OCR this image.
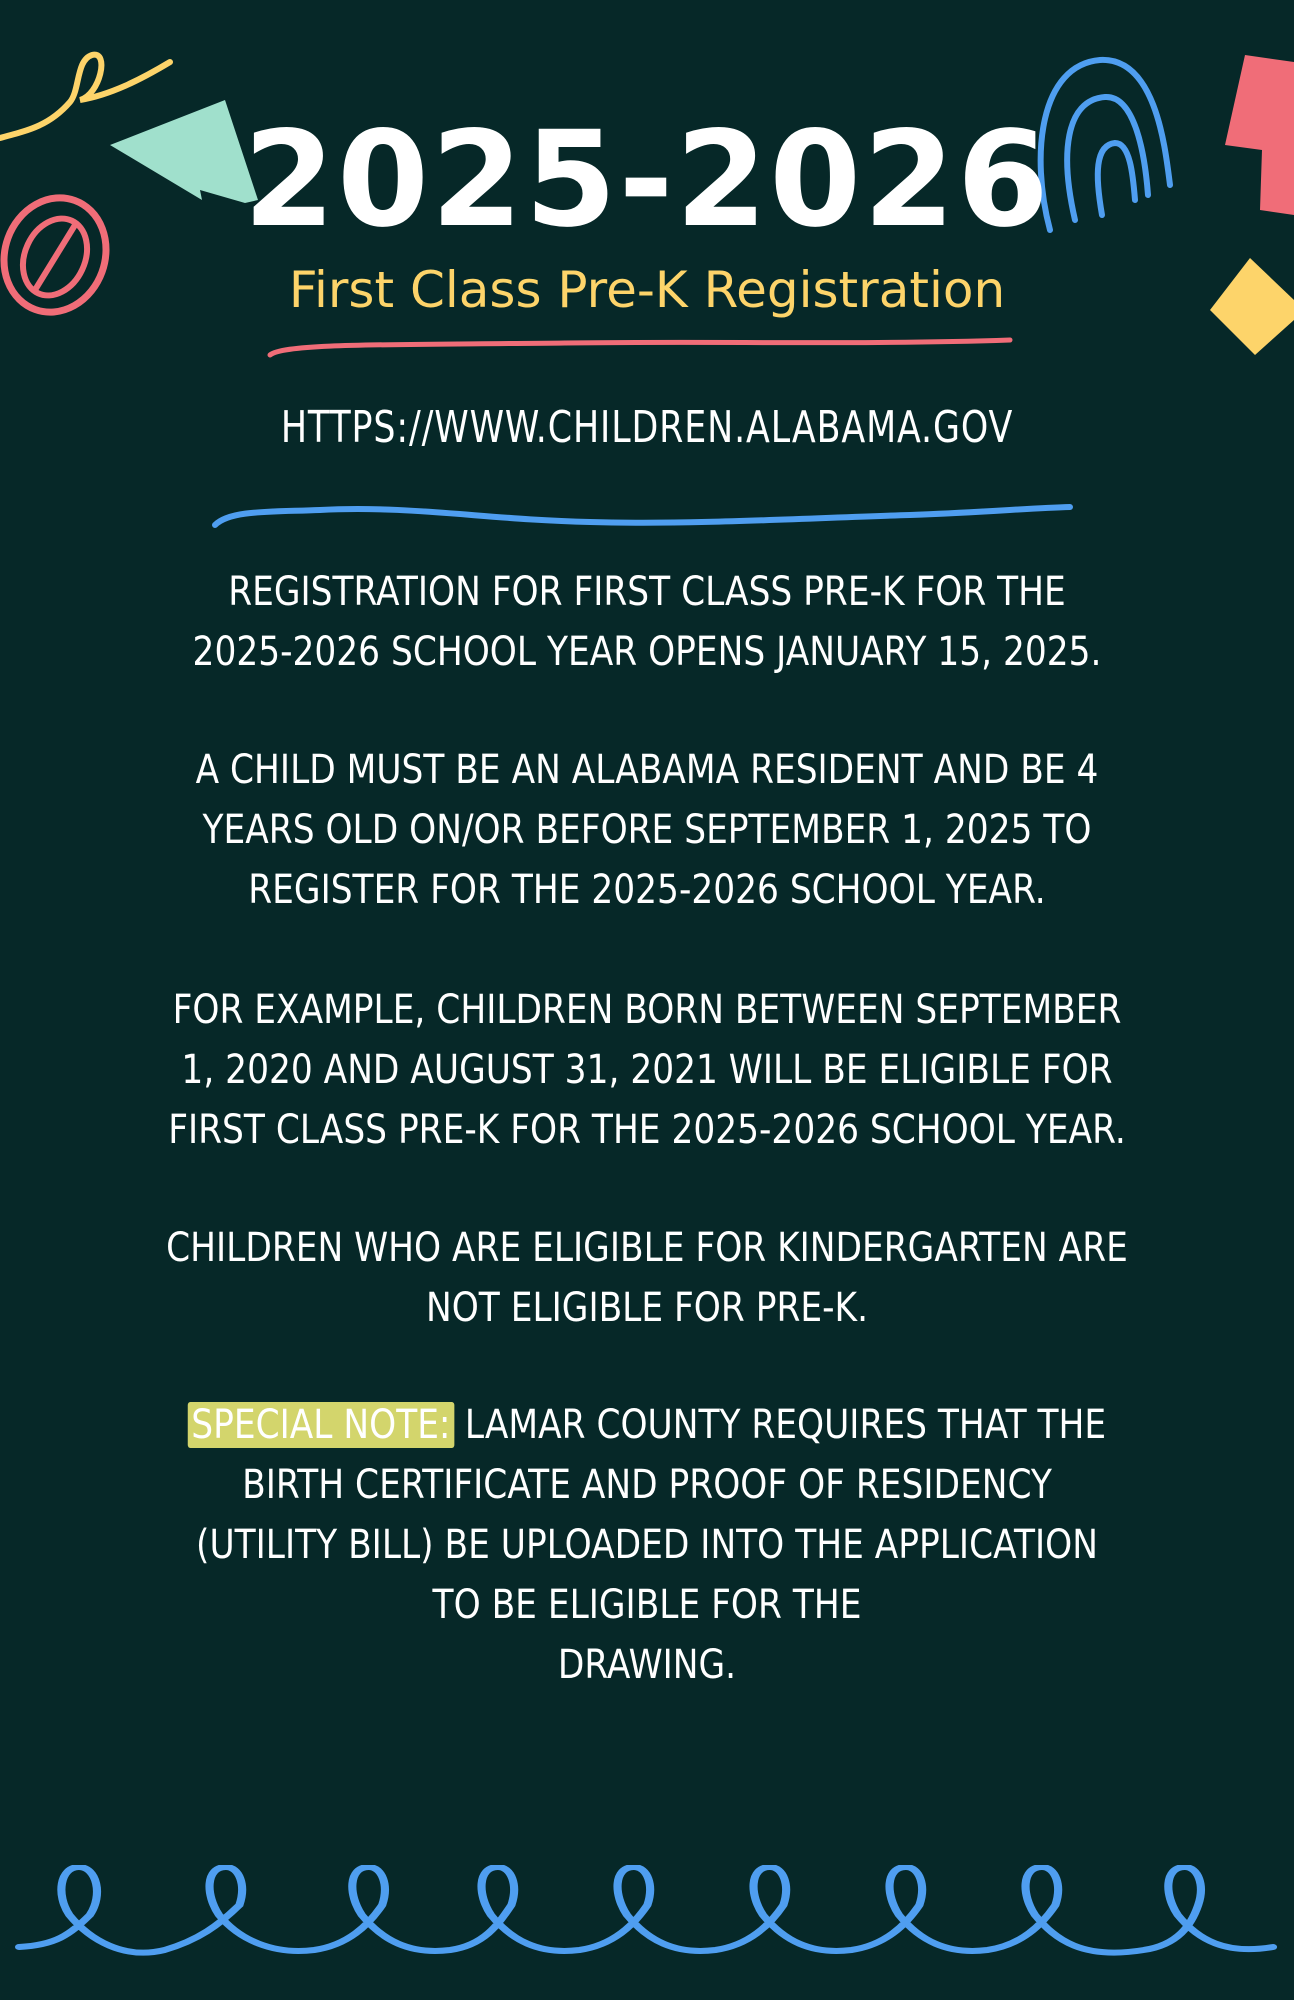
2025-2026
First Class Pre-K Registration
HTTPS://WWW.CHILDREN.ALABAMA.GOV
REGISTRATION FOR FIRST CLASS PRE-K FOR THE
2025-2026 SCHOOL YEAR OPENS JANUARY 15, 2025.
A CHILD MUST BE AN ALABAMA RESIDENT AND BE 4
YEARS OLD ON/OR BEFORE SEPTEMBER 1, 2025 TO
REGISTER FOR THE 2025-2026 SCHOOL YEAR.
FOR EXAMPLE, CHILDREN BORN BETWEEN SEPTEMBER
1, 2020 AND AUGUST 31, 2021 WILL BE ELIGIBLE FOR
FIRST CLASS PRE-K FOR THE 2025-2026 SCHOOL YEAR.
CHILDREN WHO ARE ELIGIBLE FOR KINDERGARTEN ARE
NOT ELIGIBLE FOR PRE-K.
SPECIAL NOTE: LAMAR COUNTY REQUIRES THAT THE
BIRTH CERTIFICATE AND PROOF OF RESIDENCY
(UTILITY BILL) BE UPLOADED INTO THE APPLICATION
TO BE ELIGIBLE FOR THE
DRAWING.
